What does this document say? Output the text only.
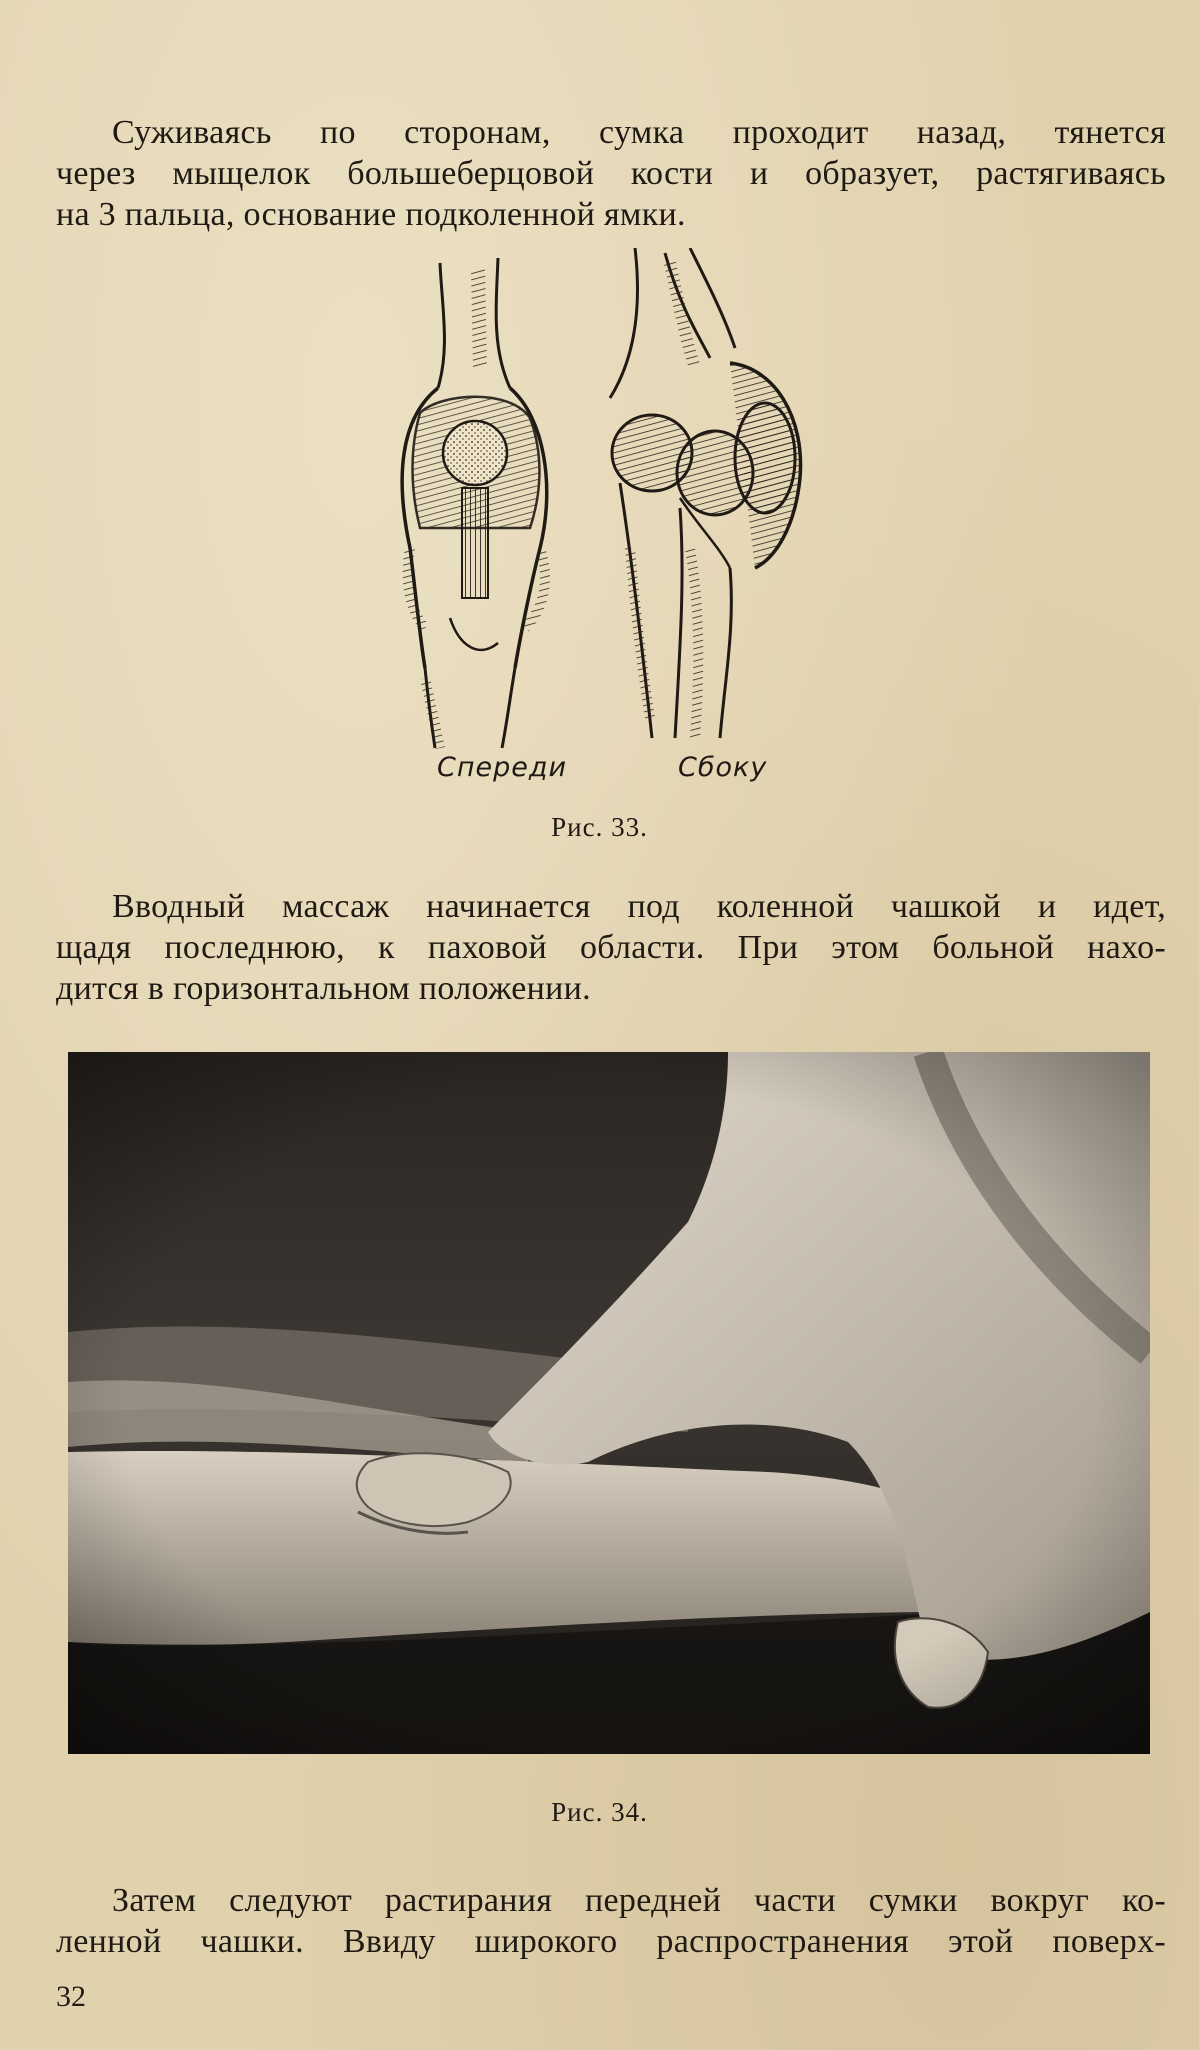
Суживаясь по сторонам, сумка проходит назад, тянется
через мыщелок большеберцовой кости и образует, растягиваясь
на 3 пальца, основание подколенной ямки.
Спереди	Сбоку
Рис. 33.
Вводный массаж начинается под коленной чашкой и идет,
щадя последнюю, к паховой области. При этом больной нахо-
дится в горизонтальном положении.
Рис. 34.
Затем следуют растирания передней части сумки вокруг ко-
ленной чашки. Ввиду широкого распространения этой поверх-
32
